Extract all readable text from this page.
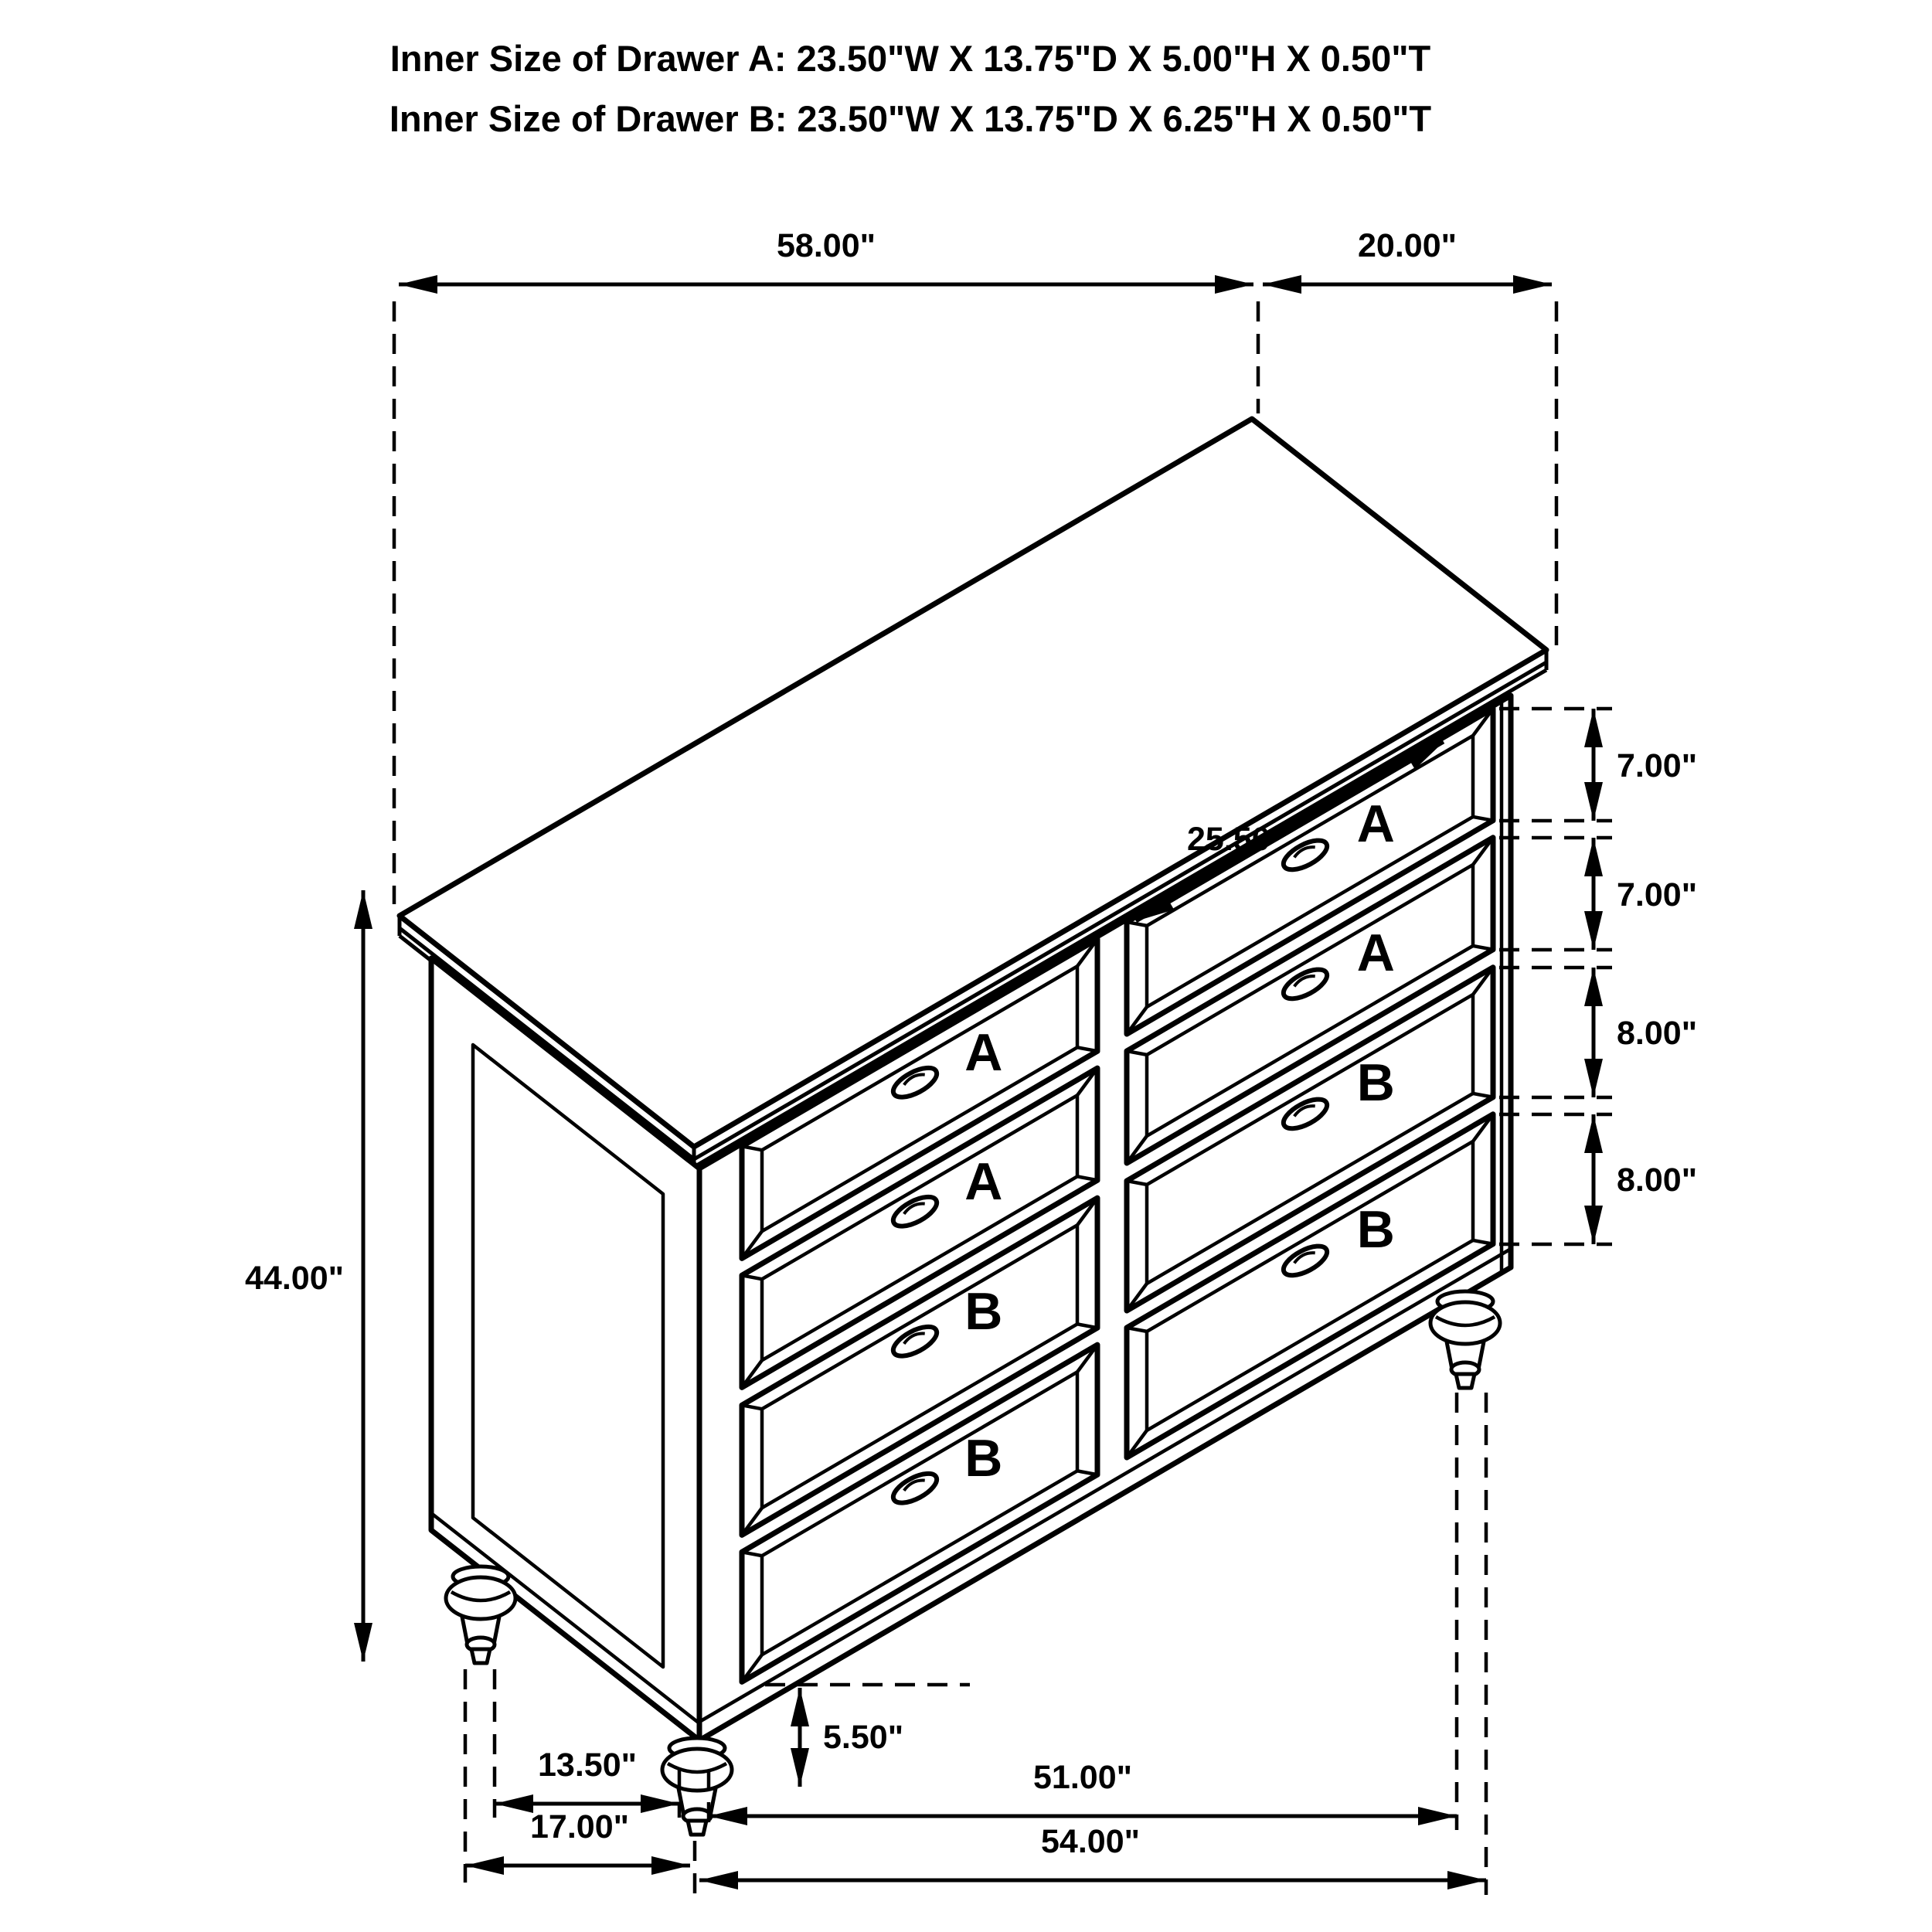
Inner Size of Drawer A: 23.50"W X 13.75"D X 5.00"H X 0.50"T
Inner Size of Drawer B: 23.50"W X 13.75"D X 6.25"H X 0.50"T
A
A
B
B
A
A
B
B
58.00"	20.00"
7.00"
7.00"
8.00"
8.00"
44.00"
25.50"
5.50"
13.50"	51.00"
17.00"	54.00"
